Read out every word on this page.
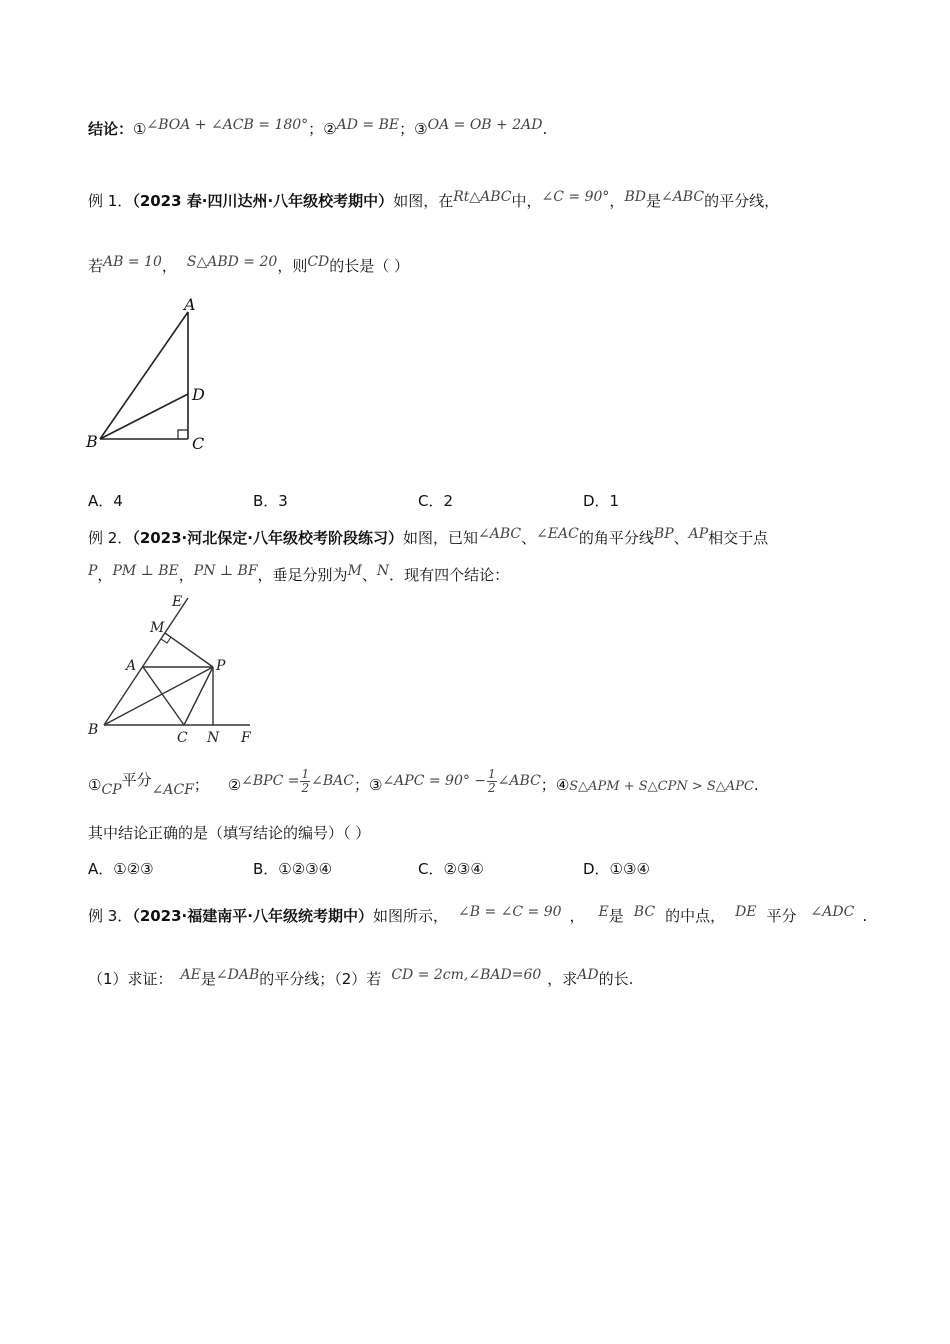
结论：①∠BOA + ∠ACB = 180°；②AD = BE；③OA = OB + 2AD.
例 1．（2023 春·四川达州·八年级校考期中）如图，在Rt△ABC中，∠C = 90°，BD是∠ABC的平分线，
若AB = 10， S△ABD = 20，则CD的长是（ ）
A
D
B	C
A．4	B．3	C．2	D．1
例 2．（2023·河北保定·八年级校考阶段练习）如图，已知∠ABC、∠EAC的角平分线BP、AP相交于点
P，PM ⊥ BE，PN ⊥ BF，垂足分别为M、N．现有四个结论：
E
M
A	P
B	C N F
①CP平分∠ACF； ②∠BPC = $\frac{1}{2}$ ∠BAC；③∠APC = $90^\circ - \frac{1}{2}$ ∠ABC；④S△APM + S△CPN > S△APC.
其中结论正确的是（填写结论的编号）（ ）
A．①②③	B．①②③④	C．②③④	D．①③④
例 3．（2023·福建南平·八年级统考期中）如图所示， ∠B = ∠C = 90 ， E是 BC 的中点， DE 平分 ∠ADC .
（1）求证： AE是∠DAB的平分线；（2）若 CD = 2cm,∠BAD=60 ，求AD的长.
